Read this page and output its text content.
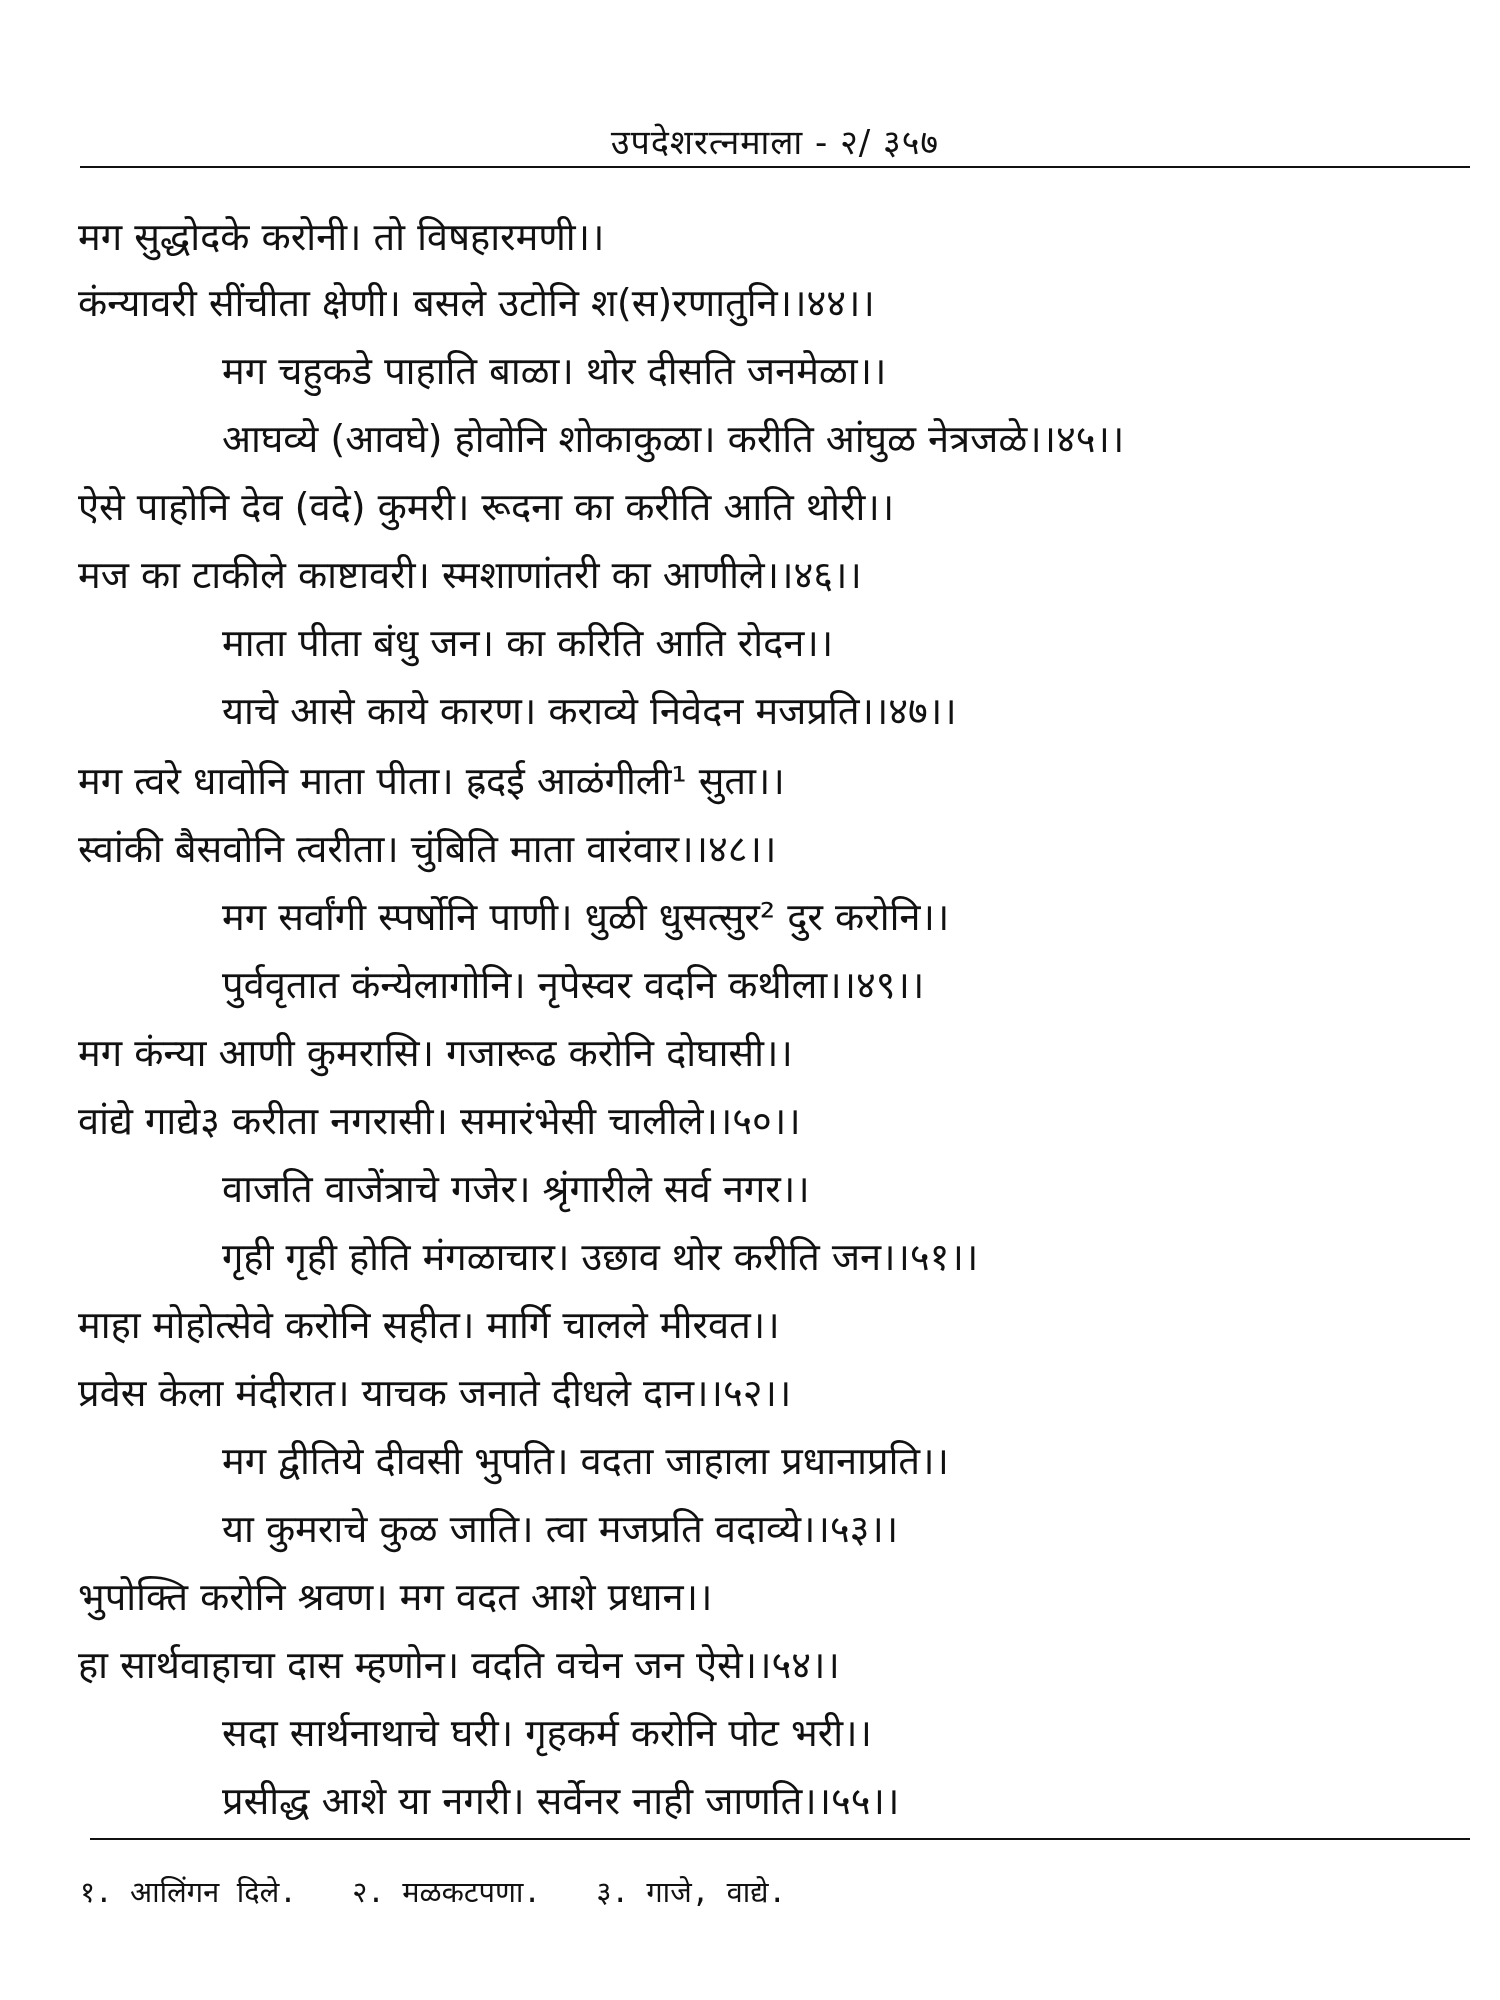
उपदेशरत्नमाला - २/ ३५७
मग सुद्धोदके करोनी। तो विषहारमणी।।
कंन्यावरी सींचीता क्षेणी। बसले उटोनि श(स)रणातुनि।।४४।।
मग चहुकडे पाहाति बाळा। थोर दीसति जनमेळा।।
आघव्ये (आवघे) होवोनि शोकाकुळा। करीति आंघुळ नेत्रजळे।।४५।।
ऐसे पाहोनि देव (वदे) कुमरी। रूदना का करीति आति थोरी।।
मज का टाकीले काष्टावरी। स्मशाणांतरी का आणीले।।४६।।
माता पीता बंधु जन। का करिति आति रोदन।।
याचे आसे काये कारण। कराव्ये निवेदन मजप्रति।।४७।।
मग त्वरे धावोनि माता पीता। ह्रदई आळंगीली¹ सुता।।
स्वांकी बैसवोनि त्वरीता। चुंबिति माता वारंवार।।४८।।
मग सर्वांगी स्पर्षोनि पाणी। धुळी धुसत्सुर² दुर करोनि।।
पुर्ववृतात कंन्येलागोनि। नृपेस्वर वदनि कथीला।।४९।।
मग कंन्या आणी कुमरासि। गजारूढ करोनि दोघासी।।
वांद्ये गाद्ये३ करीता नगरासी। समारंभेसी चालीले।।५०।।
वाजति वाजेंत्राचे गजेर। श्रृंगारीले सर्व नगर।।
गृही गृही होति मंगळाचार। उछाव थोर करीति जन।।५१।।
माहा मोहोत्सेवे करोनि सहीत। मार्गि चालले मीरवत।।
प्रवेस केला मंदीरात। याचक जनाते दीधले दान।।५२।।
मग द्वीतिये दीवसी भुपति। वदता जाहाला प्रधानाप्रति।।
या कुमराचे कुळ जाति। त्वा मजप्रति वदाव्ये।।५३।।
भुपोक्ति करोनि श्रवण। मग वदत आशे प्रधान।।
हा सार्थवाहाचा दास म्हणोन। वदति वचेन जन ऐसे।।५४।।
सदा सार्थनाथाचे घरी। गृहकर्म करोनि पोट भरी।।
प्रसीद्ध आशे या नगरी। सर्वेनर नाही जाणति।।५५।।
१. आलिंगन दिले. २. मळकटपणा. ३. गाजे, वाद्ये.
